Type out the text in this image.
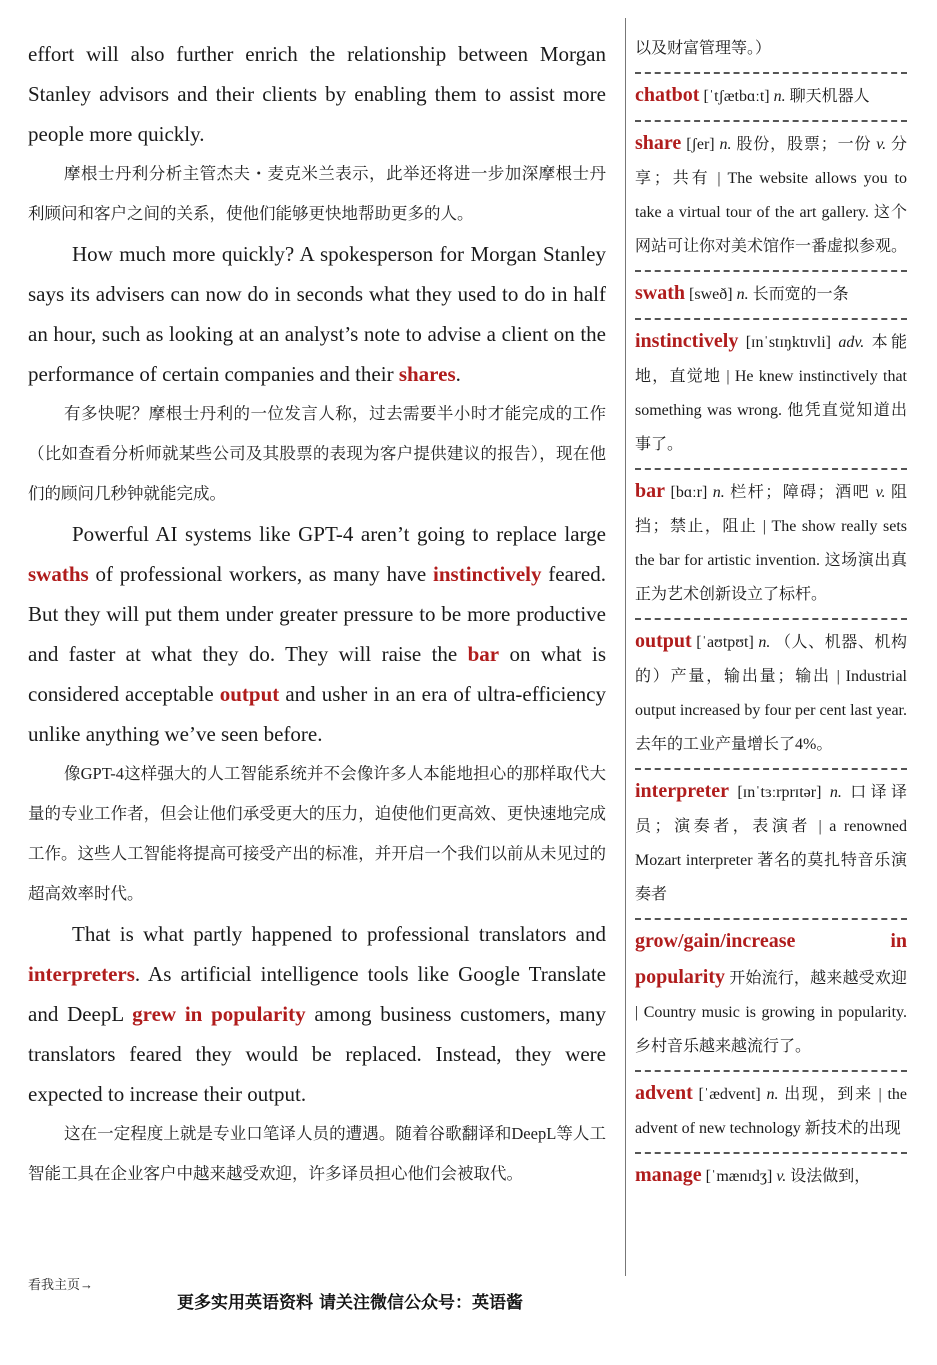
effort will also further enrich the relationship between Morgan Stanley advisors and their clients by enabling them to assist more people more quickly.

摩根士丹利分析主管杰夫・麦克米兰表示，此举还将进一步加深摩根士丹利顾问和客户之间的关系，使他们能够更快地帮助更多的人。

How much more quickly? A spokesperson for Morgan Stanley says its advisers can now do in seconds what they used to do in half an hour, such as looking at an analyst’s note to advise a client on the performance of certain companies and their shares.

有多快呢？摩根士丹利的一位发言人称，过去需要半小时才能完成的工作（比如查看分析师就某些公司及其股票的表现为客户提供建议的报告），现在他们的顾问几秒钟就能完成。

Powerful AI systems like GPT-4 aren’t going to replace large swaths of professional workers, as many have instinctively feared. But they will put them under greater pressure to be more productive and faster at what they do. They will raise the bar on what is considered acceptable output and usher in an era of ultra-efficiency unlike anything we’ve seen before.

像GPT-4这样强大的人工智能系统并不会像许多人本能地担心的那样取代大量的专业工作者，但会让他们承受更大的压力，迫使他们更高效、更快速地完成工作。这些人工智能将提高可接受产出的标准，并开启一个我们以前从未见过的超高效率时代。

That is what partly happened to professional translators and interpreters. As artificial intelligence tools like Google Translate and DeepL grew in popularity among business customers, many translators feared they would be replaced. Instead, they were expected to increase their output.

这在一定程度上就是专业口笔译人员的遭遇。随着谷歌翻译和DeepL等人工智能工具在企业客户中越来越受欢迎，许多译员担心他们会被取代。

以及财富管理等。）
chatbot [ˈtʃætbɑːt] n. 聊天机器人
share [ʃer] n. 股份，股票；一份 v. 分享；共有 | The website allows you to take a virtual tour of the art gallery. 这个网站可让你对美术馆作一番虚拟参观。
swath [sweð] n. 长而宽的一条
instinctively [ɪnˈstɪŋktɪvli] adv. 本能地，直觉地 | He knew instinctively that something was wrong. 他凭直觉知道出事了。
bar [bɑːr] n. 栏杆；障碍；酒吧 v. 阻挡；禁止，阻止 | The show really sets the bar for artistic invention. 这场演出真正为艺术创新设立了标杆。
output [ˈaʊtpʊt] n. （人、机器、机构的）产量，输出量；输出 | Industrial output increased by four per cent last year. 去年的工业产量增长了4%。
interpreter [ɪnˈtɜːrprɪtər] n. 口译译员；演奏者，表演者 | a renowned Mozart interpreter 著名的莫扎特音乐演奏者
grow/gain/increase in popularity 开始流行，越来越受欢迎 | Country music is growing in popularity. 乡村音乐越来越流行了。
advent [ˈædvent] n. 出现，到来 | the advent of new technology 新技术的出现
manage [ˈmænɪdʒ] v. 设法做到，
看我主页→
更多实用英语资料 请关注微信公众号：英语酱
